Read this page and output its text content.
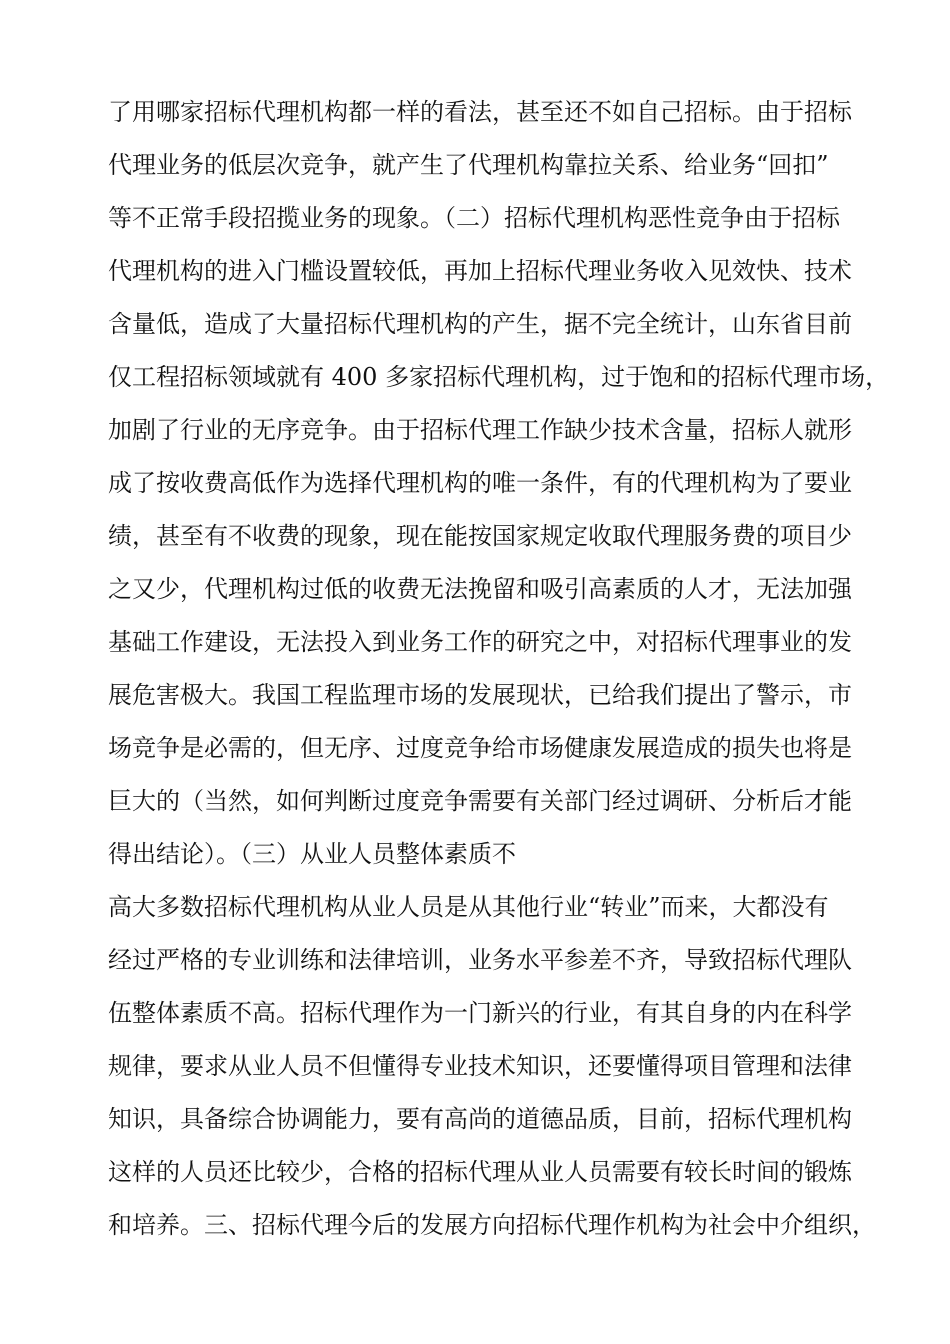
了用哪家招标代理机构都一样的看法，甚至还不如自己招标。由于招标
代理业务的低层次竞争，就产生了代理机构靠拉关系、给业务“回扣”
等不正常手段招揽业务的现象。（二）招标代理机构恶性竞争由于招标
代理机构的进入门槛设置较低，再加上招标代理业务收入见效快、技术
含量低，造成了大量招标代理机构的产生，据不完全统计，山东省目前
仅工程招标领域就有 400 多家招标代理机构，过于饱和的招标代理市场，
加剧了行业的无序竞争。由于招标代理工作缺少技术含量，招标人就形
成了按收费高低作为选择代理机构的唯一条件，有的代理机构为了要业
绩，甚至有不收费的现象，现在能按国家规定收取代理服务费的项目少
之又少，代理机构过低的收费无法挽留和吸引高素质的人才，无法加强
基础工作建设，无法投入到业务工作的研究之中，对招标代理事业的发
展危害极大。我国工程监理市场的发展现状，已给我们提出了警示，市
场竞争是必需的，但无序、过度竞争给市场健康发展造成的损失也将是
巨大的（当然，如何判断过度竞争需要有关部门经过调研、分析后才能
得出结论）。（三）从业人员整体素质不
高大多数招标代理机构从业人员是从其他行业“转业”而来，大都没有
经过严格的专业训练和法律培训，业务水平参差不齐，导致招标代理队
伍整体素质不高。招标代理作为一门新兴的行业，有其自身的内在科学
规律，要求从业人员不但懂得专业技术知识，还要懂得项目管理和法律
知识，具备综合协调能力，要有高尚的道德品质，目前，招标代理机构
这样的人员还比较少，合格的招标代理从业人员需要有较长时间的锻炼
和培养。三、招标代理今后的发展方向招标代理作机构为社会中介组织，
